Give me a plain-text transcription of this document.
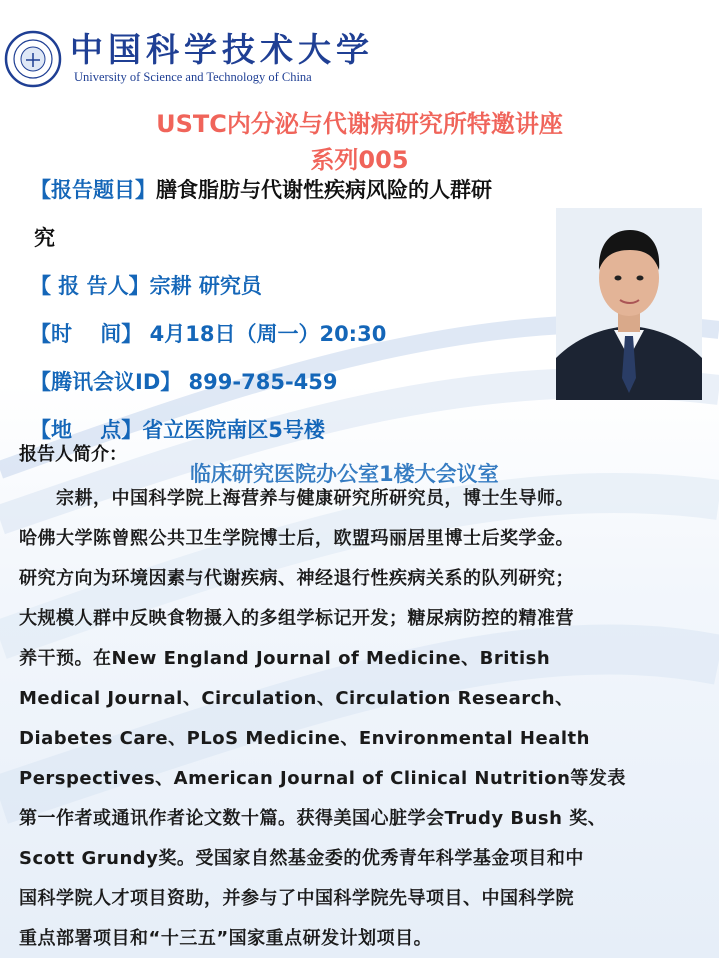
中国科学技术大学
University of Science and Technology of China
USTC内分泌与代谢病研究所特邀讲座
系列005
【报告题目】膳食脂肪与代谢性疾病风险的人群研
究
【 报 告人】宗耕 研究员
【时　 间】 4月18日（周一）20:30
【腾讯会议ID】 899-785-459
【地　 点】省立医院南区5号楼
临床研究医院办公室1楼大会议室
报告人简介：
　　宗耕，中国科学院上海营养与健康研究所研究员，博士生导师。
哈佛大学陈曾熙公共卫生学院博士后，欧盟玛丽居里博士后奖学金。
研究方向为环境因素与代谢疾病、神经退行性疾病关系的队列研究；
大规模人群中反映食物摄入的多组学标记开发；糖尿病防控的精准营
养干预。在New England Journal of Medicine、British
Medical Journal、Circulation、Circulation Research、
Diabetes Care、PLoS Medicine、Environmental Health
Perspectives、American Journal of Clinical Nutrition等发表
第一作者或通讯作者论文数十篇。获得美国心脏学会Trudy Bush 奖、
Scott Grundy奖。受国家自然基金委的优秀青年科学基金项目和中
国科学院人才项目资助，并参与了中国科学院先导项目、中国科学院
重点部署项目和“十三五”国家重点研发计划项目。
